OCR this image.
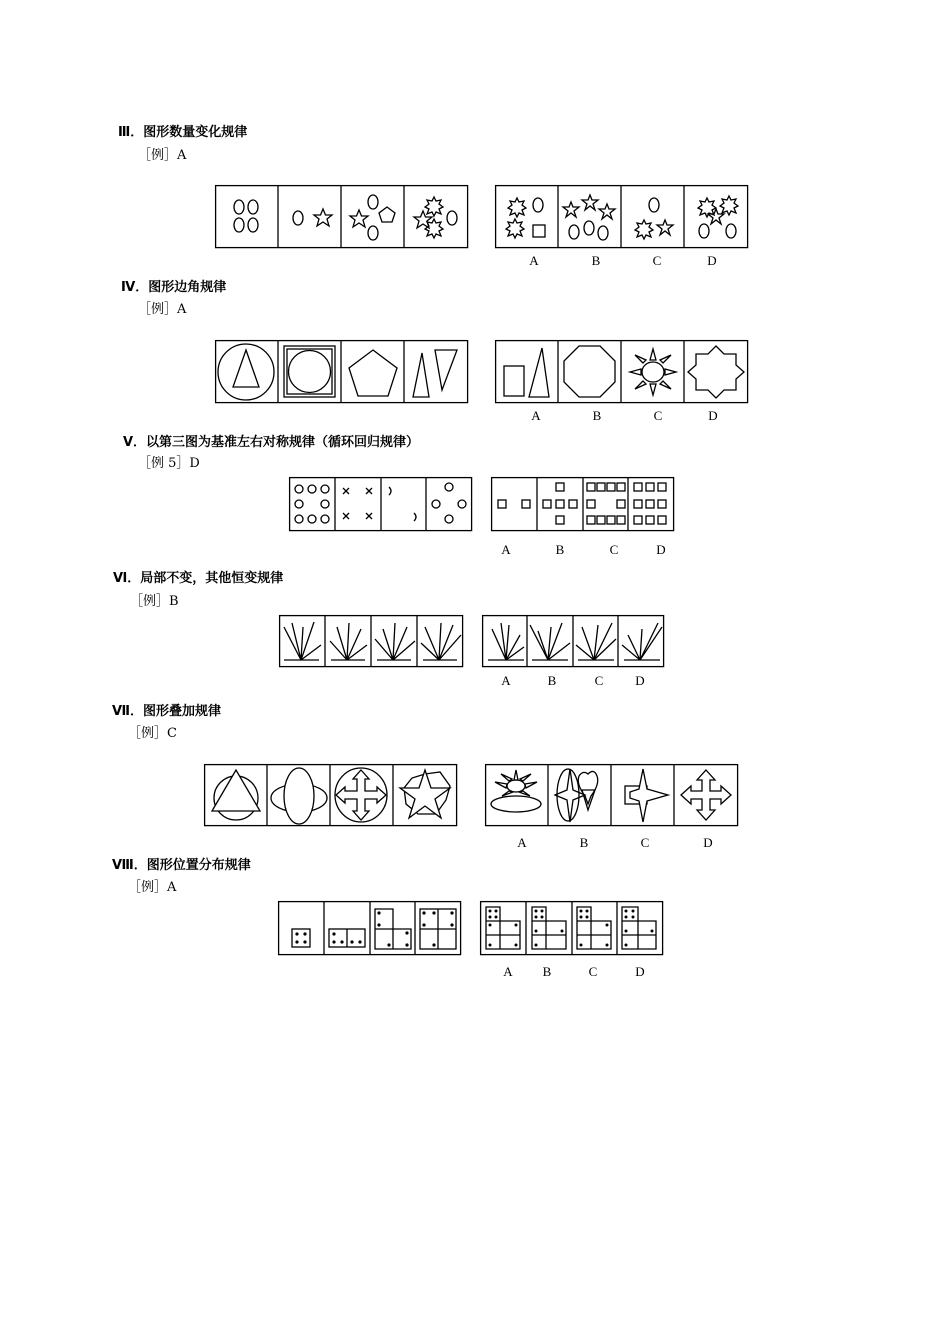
Ⅲ．图形数量变化规律
［例］A
A	B	C	D
Ⅳ．图形边角规律
［例］A
A	B	C	D
Ⅴ．以第三图为基准左右对称规律（循环回归规律）
［例 5］D
A	B	C	D
Ⅵ．局部不变，其他恒变规律
［例］B
A	B	C D
Ⅶ．图形叠加规律
［例］C
A	B	C	D
Ⅷ．图形位置分布规律
［例］A
A B	C	D
